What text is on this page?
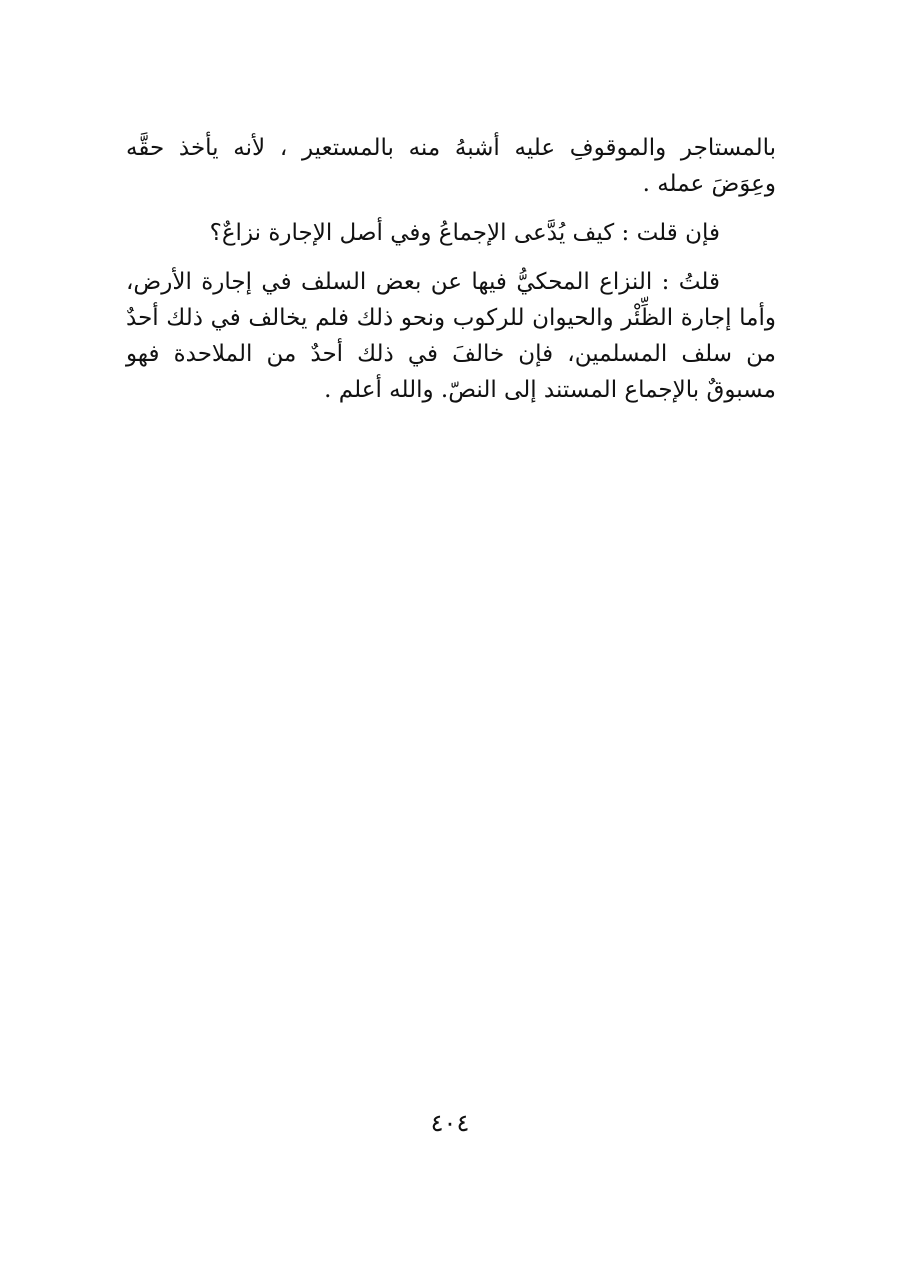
بالمستاجر والموقوفِ عليه أشبهُ منه بالمستعير ، لأنه يأخذ حقَّه وعِوَضَ عمله .

فإن قلت : كيف يُدَّعى الإجماعُ وفي أصل الإجارة نزاعٌ؟

قلتُ : النزاع المحكيُّ فيها عن بعض السلف في إجارة الأرض، وأما إجارة الظِّئْر والحيوان للركوب ونحو ذلك فلم يخالف في ذلك أحدٌ من سلف المسلمين، فإن خالفَ في ذلك أحدٌ من الملاحدة فهو مسبوقٌ بالإجماع المستند إلى النصّ. والله أعلم .

٤٠٤
